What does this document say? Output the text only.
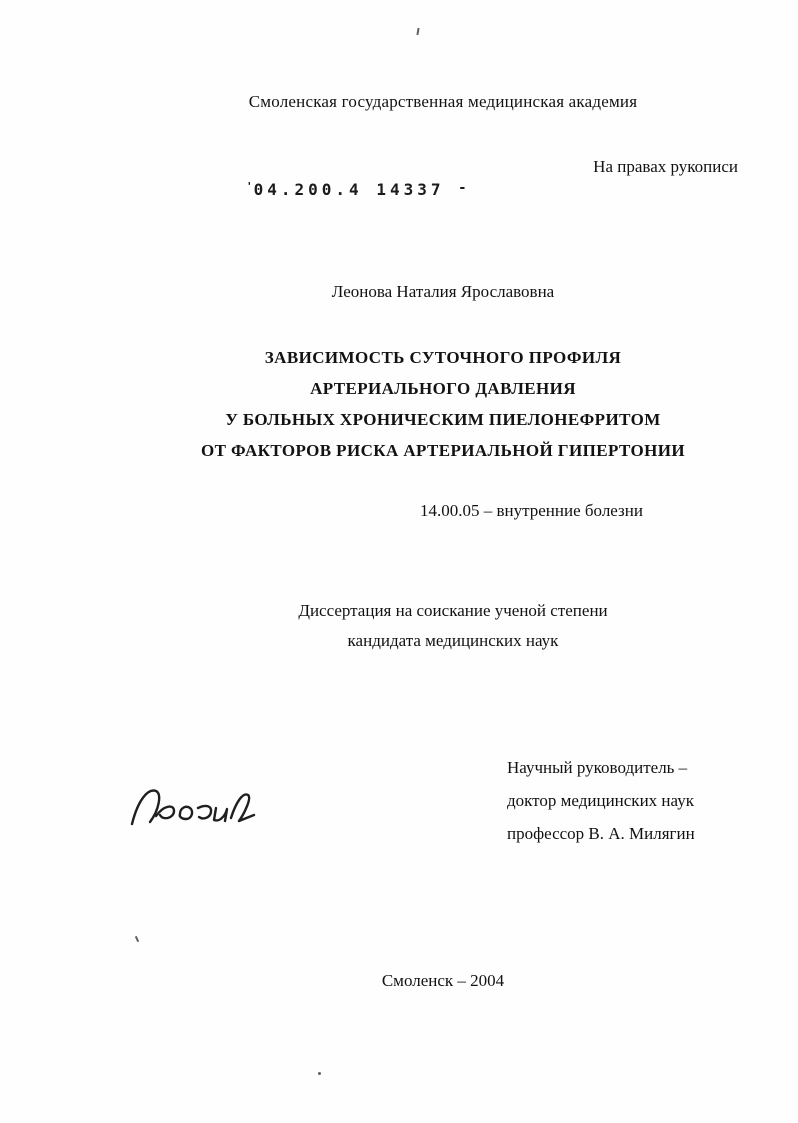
Смоленская государственная медицинская академия
На правах рукописи
'04.200.4 14337 -
Леонова Наталия Ярославовна
ЗАВИСИМОСТЬ СУТОЧНОГО ПРОФИЛЯ
АРТЕРИАЛЬНОГО ДАВЛЕНИЯ
У БОЛЬНЫХ ХРОНИЧЕСКИМ ПИЕЛОНЕФРИТОМ
ОТ ФАКТОРОВ РИСКА АРТЕРИАЛЬНОЙ ГИПЕРТОНИИ
14.00.05 – внутренние болезни
Диссертация на соискание ученой степени
кандидата медицинских наук
Научный руководитель –
доктор медицинских наук
профессор В. А. Милягин
Смоленск – 2004
